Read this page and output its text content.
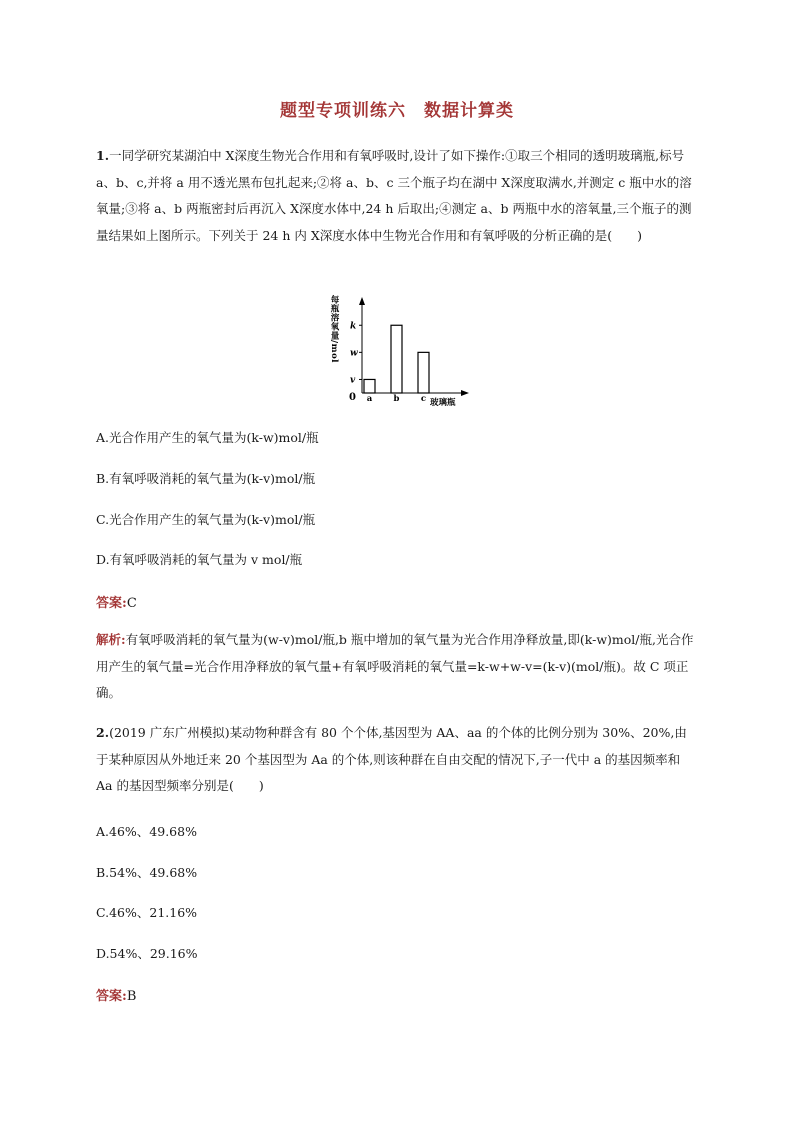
题型专项训练六　数据计算类
1.一同学研究某湖泊中 X深度生物光合作用和有氧呼吸时,设计了如下操作:①取三个相同的透明玻璃瓶,标号 a、b、c,并将 a 用不透光黑布包扎起来;②将 a、b、c 三个瓶子均在湖中 X深度取满水,并测定 c 瓶中水的溶氧量;③将 a、b 两瓶密封后再沉入 X深度水体中,24 h 后取出;④测定 a、b 两瓶中水的溶氧量,三个瓶子的测量结果如上图所示。下列关于 24 h 内 X深度水体中生物光合作用和有氧呼吸的分析正确的是(　　)
每瓶溶氧量/mol
0
v
w
k
a	b	c 玻璃瓶
A.光合作用产生的氧气量为(k-w)mol/瓶
B.有氧呼吸消耗的氧气量为(k-v)mol/瓶
C.光合作用产生的氧气量为(k-v)mol/瓶
D.有氧呼吸消耗的氧气量为 v mol/瓶
答案:C
解析:有氧呼吸消耗的氧气量为(w-v)mol/瓶,b 瓶中增加的氧气量为光合作用净释放量,即(k-w)mol/瓶,光合作用产生的氧气量=光合作用净释放的氧气量+有氧呼吸消耗的氧气量=k-w+w-v=(k-v)(mol/瓶)。故 C 项正确。
2.(2019 广东广州模拟)某动物种群含有 80 个个体,基因型为 AA、aa 的个体的比例分别为 30%、20%,由于某种原因从外地迁来 20 个基因型为 Aa 的个体,则该种群在自由交配的情况下,子一代中 a 的基因频率和 Aa 的基因型频率分别是(　　)
A.46%、49.68%
B.54%、49.68%
C.46%、21.16%
D.54%、29.16%
答案:B
